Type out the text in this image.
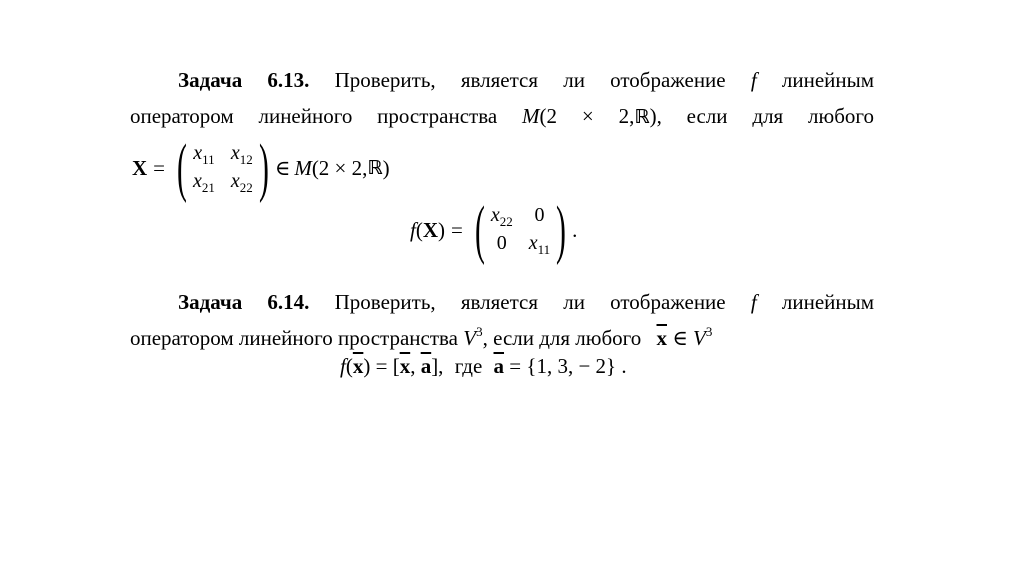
Задача 6.13. Проверить, является ли отображение f линейным
оператором линейного пространства M(2 × 2,ℝ), если для любого
X = ( $x_{11}$ $x_{12}$
$x_{21}$ $x_{22}$ ) ∈ M (2 × 2, ℝ )
f ( X ) = ( $x_{22}$ 0
0 $x_{11}$ ) .
Задача 6.14. Проверить, является ли отображение f линейным
оператором линейного пространства $V^3$, если для любого $\overline{x}$ ∈ $V^3$
$f(\overline{x}) = [\overline{x}$, $\overline{a}$], где $\overline{a} = \{1$, 3, − 2} .
